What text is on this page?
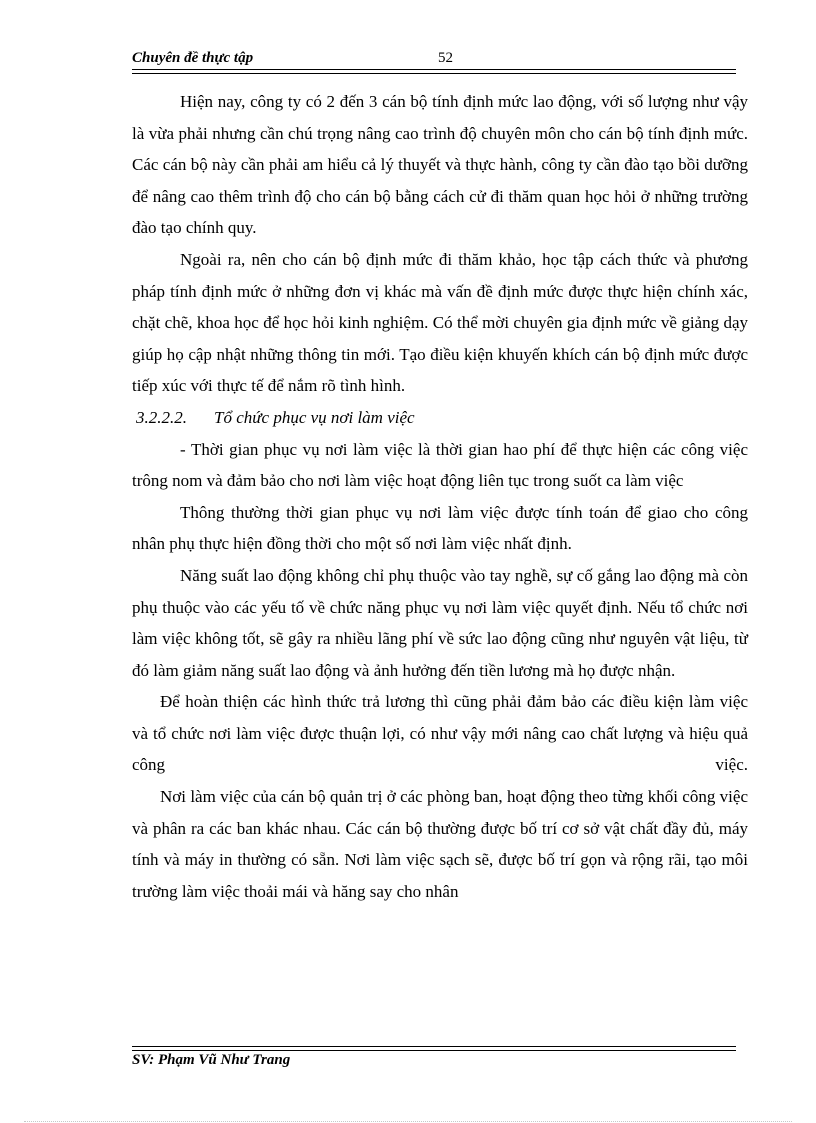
Chuyên đề thực tập	52

Hiện nay, công ty có 2 đến 3 cán bộ tính định mức lao động, với số lượng như vậy là vừa phải nhưng cần chú trọng nâng cao trình độ chuyên môn cho cán bộ tính định mức. Các cán bộ này cần phải am hiểu cả lý thuyết và thực hành, công ty cần đào tạo bồi dưỡng để nâng cao thêm trình độ cho cán bộ bằng cách cử đi thăm quan học hỏi ở những trường đào tạo chính quy.

Ngoài ra, nên cho cán bộ định mức đi thăm khảo, học tập cách thức và phương pháp tính định mức ở những đơn vị khác mà vấn đề định mức được thực hiện chính xác, chặt chẽ, khoa học để học hỏi kinh nghiệm. Có thể mời chuyên gia định mức về giảng dạy giúp họ cập nhật những thông tin mới. Tạo điều kiện khuyến khích cán bộ định mức được tiếp xúc với thực tế để nắm rõ tình hình.

3.2.2.2. Tổ chức phục vụ nơi làm việc

- Thời gian phục vụ nơi làm việc là thời gian hao phí để thực hiện các công việc trông nom và đảm bảo cho nơi làm việc hoạt động liên tục trong suốt ca làm việc

Thông thường thời gian phục vụ nơi làm việc được tính toán để giao cho công nhân phụ thực hiện đồng thời cho một số nơi làm việc nhất định.

Năng suất lao động không chỉ phụ thuộc vào tay nghề, sự cố gắng lao động mà còn phụ thuộc vào các yếu tố về chức năng phục vụ nơi làm việc quyết định. Nếu tổ chức nơi làm việc không tốt, sẽ gây ra nhiều lãng phí về sức lao động cũng như nguyên vật liệu, từ đó làm giảm năng suất lao động và ảnh hưởng đến tiền lương mà họ được nhận.

Để hoàn thiện các hình thức trả lương thì cũng phải đảm bảo các điều kiện làm việc và tổ chức nơi làm việc được thuận lợi, có như vậy mới nâng cao chất lượng và hiệu quả công việc.

Nơi làm việc của cán bộ quản trị ở các phòng ban, hoạt động theo từng khối công việc và phân ra các ban khác nhau. Các cán bộ thường được bố trí cơ sở vật chất đầy đủ, máy tính và máy in thường có sẵn. Nơi làm việc sạch sẽ, được bố trí gọn và rộng rãi, tạo môi trường làm việc thoải mái và hăng say cho nhân

SV: Phạm Vũ Như Trang
